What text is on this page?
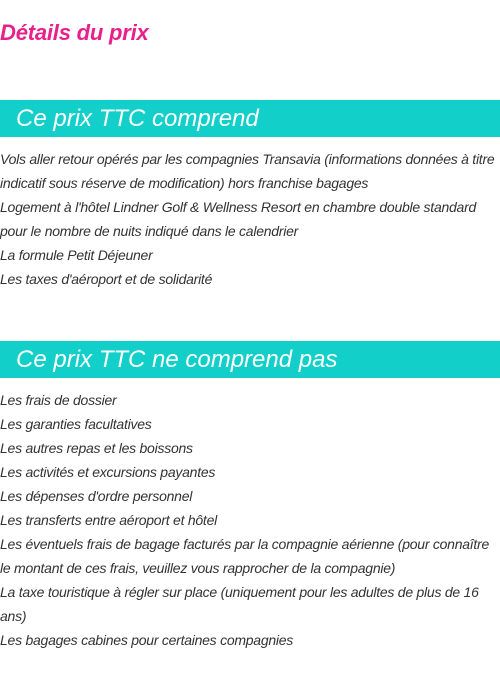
Détails du prix
Ce prix TTC comprend
Vols aller retour opérés par les compagnies Transavia (informations données à titre indicatif sous réserve de modification) hors franchise bagages
Logement à l'hôtel Lindner Golf & Wellness Resort en chambre double standard pour le nombre de nuits indiqué dans le calendrier
La formule Petit Déjeuner
Les taxes d'aéroport et de solidarité
Ce prix TTC ne comprend pas
Les frais de dossier
Les garanties facultatives
Les autres repas et les boissons
Les activités et excursions payantes
Les dépenses d'ordre personnel
Les transferts entre aéroport et hôtel
Les éventuels frais de bagage facturés par la compagnie aérienne (pour connaître le montant de ces frais, veuillez vous rapprocher de la compagnie)
La taxe touristique à régler sur place (uniquement pour les adultes de plus de 16 ans)
Les bagages cabines pour certaines compagnies
